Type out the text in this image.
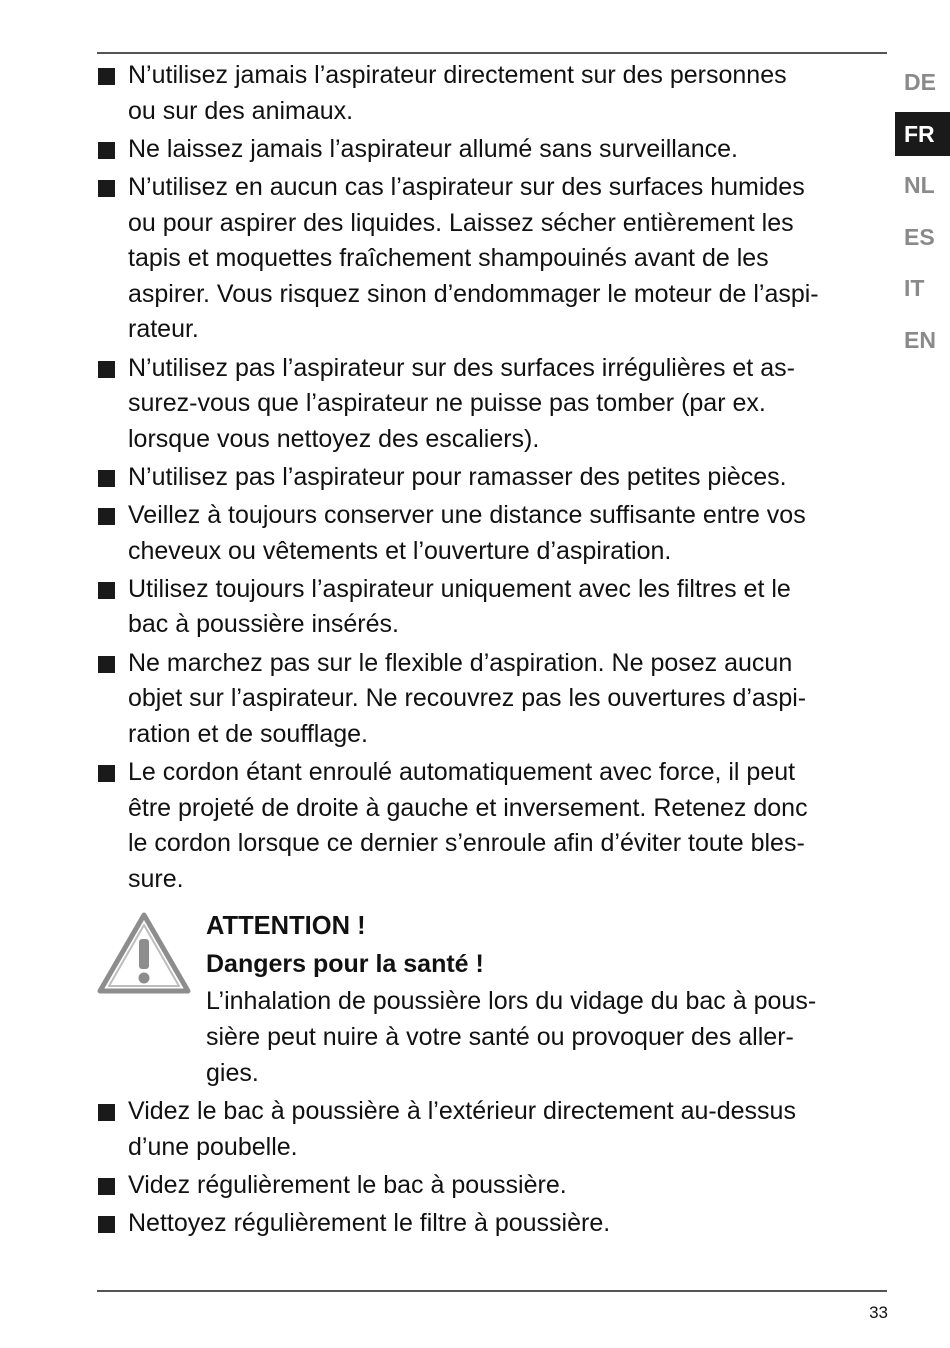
N’utilisez jamais l’aspirateur directement sur des personnes
ou sur des animaux.
Ne laissez jamais l’aspirateur allumé sans surveillance.
N’utilisez en aucun cas l’aspirateur sur des surfaces humides
ou pour aspirer des liquides. Laissez sécher entièrement les
tapis et moquettes fraîchement shampouinés avant de les
aspirer. Vous risquez sinon d’endommager le moteur de l’aspi-
rateur.
N’utilisez pas l’aspirateur sur des surfaces irrégulières et as-
surez-vous que l’aspirateur ne puisse pas tomber (par ex.
lorsque vous nettoyez des escaliers).
N’utilisez pas l’aspirateur pour ramasser des petites pièces.
Veillez à toujours conserver une distance suffisante entre vos
cheveux ou vêtements et l’ouverture d’aspiration.
Utilisez toujours l’aspirateur uniquement avec les filtres et le
bac à poussière insérés.
Ne marchez pas sur le flexible d’aspiration. Ne posez aucun
objet sur l’aspirateur. Ne recouvrez pas les ouvertures d’aspi-
ration et de soufflage.
Le cordon étant enroulé automatiquement avec force, il peut
être projeté de droite à gauche et inversement. Retenez donc
le cordon lorsque ce dernier s’enroule afin d’éviter toute bles-
sure.
ATTENTION !
Dangers pour la santé !
L’inhalation de poussière lors du vidage du bac à pous-
sière peut nuire à votre santé ou provoquer des aller-
gies.
Videz le bac à poussière à l’extérieur directement au-dessus
d’une poubelle.
Videz régulièrement le bac à poussière.
Nettoyez régulièrement le filtre à poussière.
DE
FR
NL
ES
IT
EN
33
